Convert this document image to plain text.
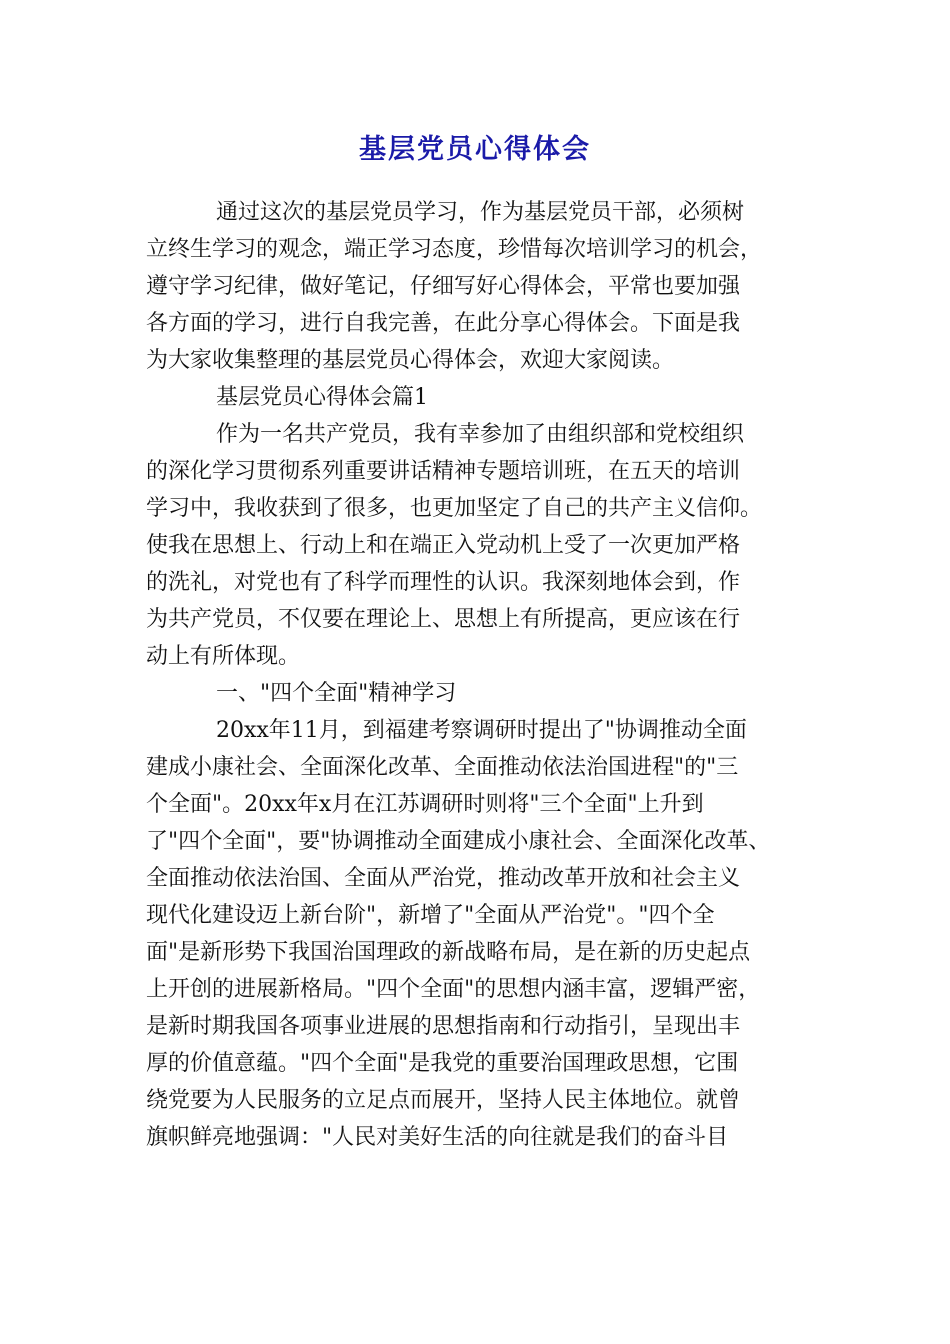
基层党员心得体会
通过这次的基层党员学习，作为基层党员干部，必须树
立终生学习的观念，端正学习态度，珍惜每次培训学习的机会，
遵守学习纪律，做好笔记，仔细写好心得体会，平常也要加强
各方面的学习，进行自我完善，在此分享心得体会。下面是我
为大家收集整理的基层党员心得体会，欢迎大家阅读。
基层党员心得体会篇1
作为一名共产党员，我有幸参加了由组织部和党校组织
的深化学习贯彻系列重要讲话精神专题培训班，在五天的培训
学习中，我收获到了很多，也更加坚定了自己的共产主义信仰。
使我在思想上、行动上和在端正入党动机上受了一次更加严格
的洗礼，对党也有了科学而理性的认识。我深刻地体会到，作
为共产党员，不仅要在理论上、思想上有所提高，更应该在行
动上有所体现。
一、"四个全面"精神学习
20xx年11月，到福建考察调研时提出了"协调推动全面
建成小康社会、全面深化改革、全面推动依法治国进程"的"三
个全面"。20xx年x月在江苏调研时则将"三个全面"上升到
了"四个全面"，要"协调推动全面建成小康社会、全面深化改革、
全面推动依法治国、全面从严治党，推动改革开放和社会主义
现代化建设迈上新台阶"，新增了"全面从严治党"。"四个全
面"是新形势下我国治国理政的新战略布局，是在新的历史起点
上开创的进展新格局。"四个全面"的思想内涵丰富，逻辑严密，
是新时期我国各项事业进展的思想指南和行动指引，呈现出丰
厚的价值意蕴。"四个全面"是我党的重要治国理政思想，它围
绕党要为人民服务的立足点而展开，坚持人民主体地位。就曾
旗帜鲜亮地强调："人民对美好生活的向往就是我们的奋斗目
